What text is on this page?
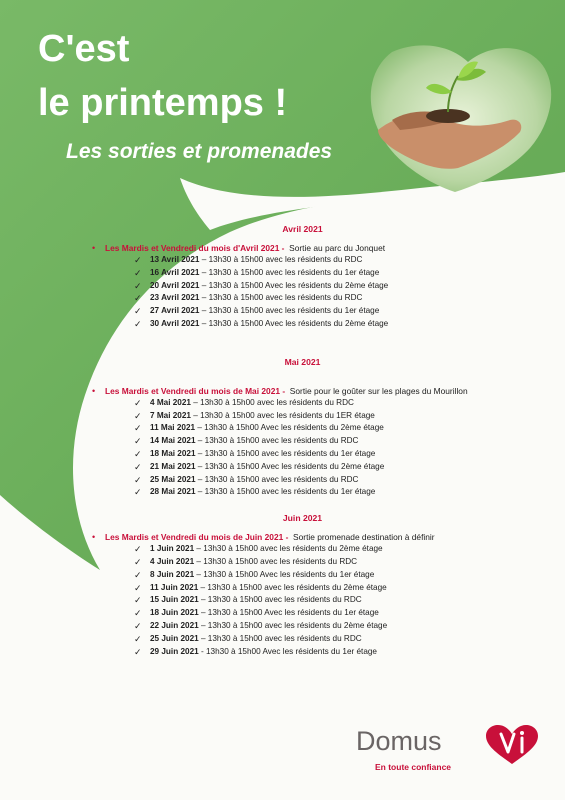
C'est
le printemps !
Les sorties et promenades
Avril 2021
• Les Mardis et Vendredi du mois d'Avril 2021 - Sortie au parc du Jonquet
✓ 13 Avril 2021 – 13h30 à 15h00 avec les résidents du RDC
✓ 16 Avril 2021 – 13h30 à 15h00 avec les résidents du 1er étage
✓ 20 Avril 2021 – 13h30 à 15h00 Avec les résidents du 2ème étage
✓ 23 Avril 2021 – 13h30 à 15h00 avec les résidents du RDC
✓ 27 Avril 2021 – 13h30 à 15h00 avec les résidents du 1er étage
✓ 30 Avril 2021 – 13h30 à 15h00 Avec les résidents du 2ème étage
Mai 2021
• Les Mardis et Vendredi du mois de Mai 2021 - Sortie pour le goûter sur les plages du Mourillon
✓ 4 Mai 2021 – 13h30 à 15h00 avec les résidents du RDC
✓ 7 Mai 2021 – 13h30 à 15h00 avec les résidents du 1ER étage
✓ 11 Mai 2021 – 13h30 à 15h00 Avec les résidents du 2ème étage
✓ 14 Mai 2021 – 13h30 à 15h00 avec les résidents du RDC
✓ 18 Mai 2021 – 13h30 à 15h00 avec les résidents du 1er étage
✓ 21 Mai 2021 – 13h30 à 15h00 Avec les résidents du 2ème étage
✓ 25 Mai 2021 – 13h30 à 15h00 avec les résidents du RDC
✓ 28 Mai 2021 – 13h30 à 15h00 avec les résidents du 1er étage
Juin 2021
• Les Mardis et Vendredi du mois de Juin 2021 - Sortie promenade destination à définir
✓ 1 Juin 2021 – 13h30 à 15h00 avec les résidents du 2ème étage
✓ 4 Juin 2021 – 13h30 à 15h00 avec les résidents du RDC
✓ 8 Juin 2021 – 13h30 à 15h00 Avec les résidents du 1er étage
✓ 11 Juin 2021 – 13h30 à 15h00 avec les résidents du 2ème étage
✓ 15 Juin 2021 – 13h30 à 15h00 avec les résidents du RDC
✓ 18 Juin 2021 – 13h30 à 15h00 Avec les résidents du 1er étage
✓ 22 Juin 2021 – 13h30 à 15h00 avec les résidents du 2ème étage
✓ 25 Juin 2021 – 13h30 à 15h00 avec les résidents du RDC
✓ 29 Juin 2021 - 13h30 à 15h00 Avec les résidents du 1er étage
Domus
En toute confiance
